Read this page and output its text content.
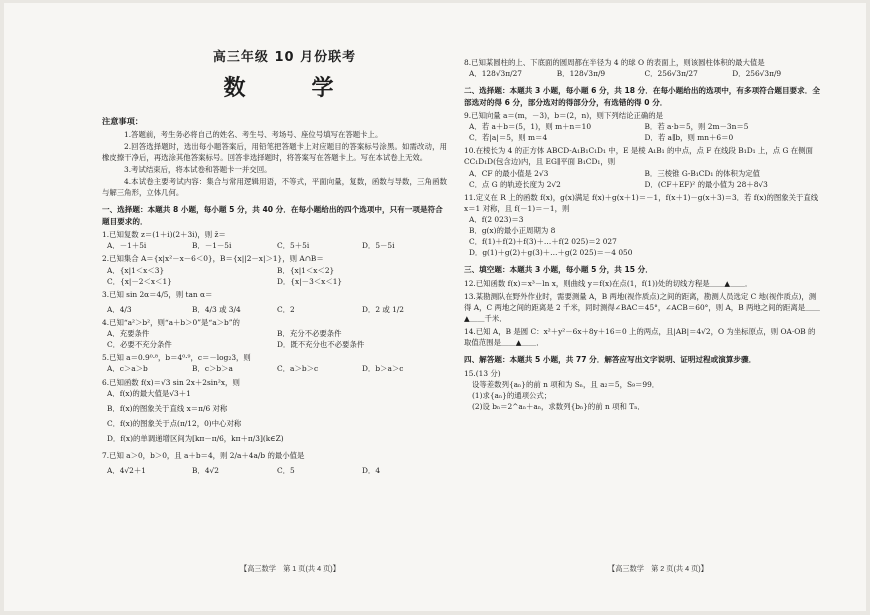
高三年级 10 月份联考
数　学
注意事项：
1.答题前，考生务必将自己的姓名、考生号、考场号、座位号填写在答题卡上。
2.回答选择题时，选出每小题答案后，用铅笔把答题卡上对应题目的答案标号涂黑。如需改动，用橡皮擦干净后，再选涂其他答案标号。回答非选择题时，将答案写在答题卡上。写在本试卷上无效。
3.考试结束后，将本试卷和答题卡一并交回。
4.本试卷主要考试内容：集合与常用逻辑用语，不等式，平面向量，复数，函数与导数，三角函数与解三角形，立体几何。
一、选择题：本题共 8 小题，每小题 5 分，共 40 分．在每小题给出的四个选项中，只有一项是符合题目要求的．
1.已知复数 z＝(1＋i)(2＋3i)，则 z̄＝
A．－1＋5i	B．－1－5i	C．5＋5i	D．5－5i
2.已知集合 A＝{x|x²－x－6＜0}，B＝{x||2－x|＞1}，则 A∩B＝
A．{x|1＜x＜3}	B．{x|1＜x＜2}
C．{x|－2＜x＜1}	D．{x|－3＜x＜1}
3.已知 sin 2α＝4/5，则 tan α＝
A．4/3	B．4/3 或 3/4	C．2	D．2 或 1/2
4.已知“a²＞b²，则“a＋b＞0”是“a＞b”的
A．充要条件	B．充分不必要条件
C．必要不充分条件	D．既不充分也不必要条件
5.已知 a＝0.9⁰·⁸，b＝4⁰·⁹，c＝－log₂3，则
A．c＞a＞b	B．c＞b＞a	C．a＞b＞c	D．b＞a＞c
6.已知函数 f(x)＝√3 sin 2x＋2sin²x，则
A．f(x)的最大值是√3＋1
B．f(x)的图象关于直线 x＝π/6 对称
C．f(x)的图象关于点(π/12，0)中心对称
D．f(x)的单调递增区间为[kπ－π/6，kπ＋π/3](k∈Z)
7.已知 a＞0，b＞0，且 a＋b＝4，则 2/a＋4a/b 的最小值是
A．4√2＋1	B．4√2	C．5	D．4
8.已知某圆柱的上、下底面的圆周都在半径为 4 的球 O 的表面上，则该圆柱体积的最大值是
A．128√3π/27	B．128√3π/9	C．256√3π/27	D．256√3π/9
二、选择题：本题共 3 小题，每小题 6 分，共 18 分．在每小题给出的选项中，有多项符合题目要求．全部选对的得 6 分，部分选对的得部分分，有选错的得 0 分．
9.已知向量 a＝(m，－3)，b＝(2，n)，则下列结论正确的是
A．若 a＋b＝(5，1)，则 m＋n＝10	B．若 a·b＝5，则 2m－3n＝5
C．若|a|＝5，则 m＝4	D．若 a∥b，则 mn＋6＝0
10.在棱长为 4 的正方体 ABCD-A₁B₁C₁D₁ 中，E 是棱 A₁B₁ 的中点，点 F 在线段 B₁D₁ 上，点 G 在侧面 CC₁D₁D(包含边)内，且 EG∥平面 B₁CD₁，则
A．CF 的最小值是 2√3	B．三棱锥 G-B₁CD₁ 的体积为定值
C．点 G 的轨迹长度为 2√2	D．(CF＋EF)² 的最小值为 28＋8√3
11.定义在 R 上的函数 f(x)，g(x)满足 f(x)＋g(x＋1)＝－1，f(x＋1)－g(x＋3)＝3．若 f(x)的图象关于直线 x＝1 对称，且 f(－1)＝－1，则
A．f(2 023)＝3
B．g(x)的最小正周期为 8
C．f(1)＋f(2)＋f(3)＋…＋f(2 025)＝2 027
D．g(1)＋g(2)＋g(3)＋…＋g(2 025)＝－4 050
三、填空题：本题共 3 小题，每小题 5 分，共 15 分．
12.已知函数 f(x)＝x³－ln x，则曲线 y＝f(x)在点(1，f(1))处的切线方程是＿＿▲＿＿．
13.某勘测队在野外作业时，需要测量 A，B 两地(视作质点)之间的距离，勘测人员选定 C 地(视作质点)，测得 A，C 两地之间的距离是 2 千米，同时测得∠BAC＝45°，∠ACB＝60°，则 A，B 两地之间的距离是＿＿▲＿＿千米．
14.已知 A，B 是圆 C：x²＋y²－6x＋8y＋16＝0 上的两点，且|AB|＝4√2，O 为坐标原点，则 OA·OB 的取值范围是＿＿▲＿＿．
四、解答题：本题共 5 小题，共 77 分．解答应写出文字说明、证明过程或演算步骤．
15.(13 分)
设等差数列{aₙ}的前 n 项和为 Sₙ，且 a₂＝5，S₉＝99．
(1)求{aₙ}的通项公式；
(2)设 bₙ＝2^aₙ＋aₙ，求数列{bₙ}的前 n 项和 Tₙ．
【高三数学　第 1 页(共 4 页)】	【高三数学　第 2 页(共 4 页)】
